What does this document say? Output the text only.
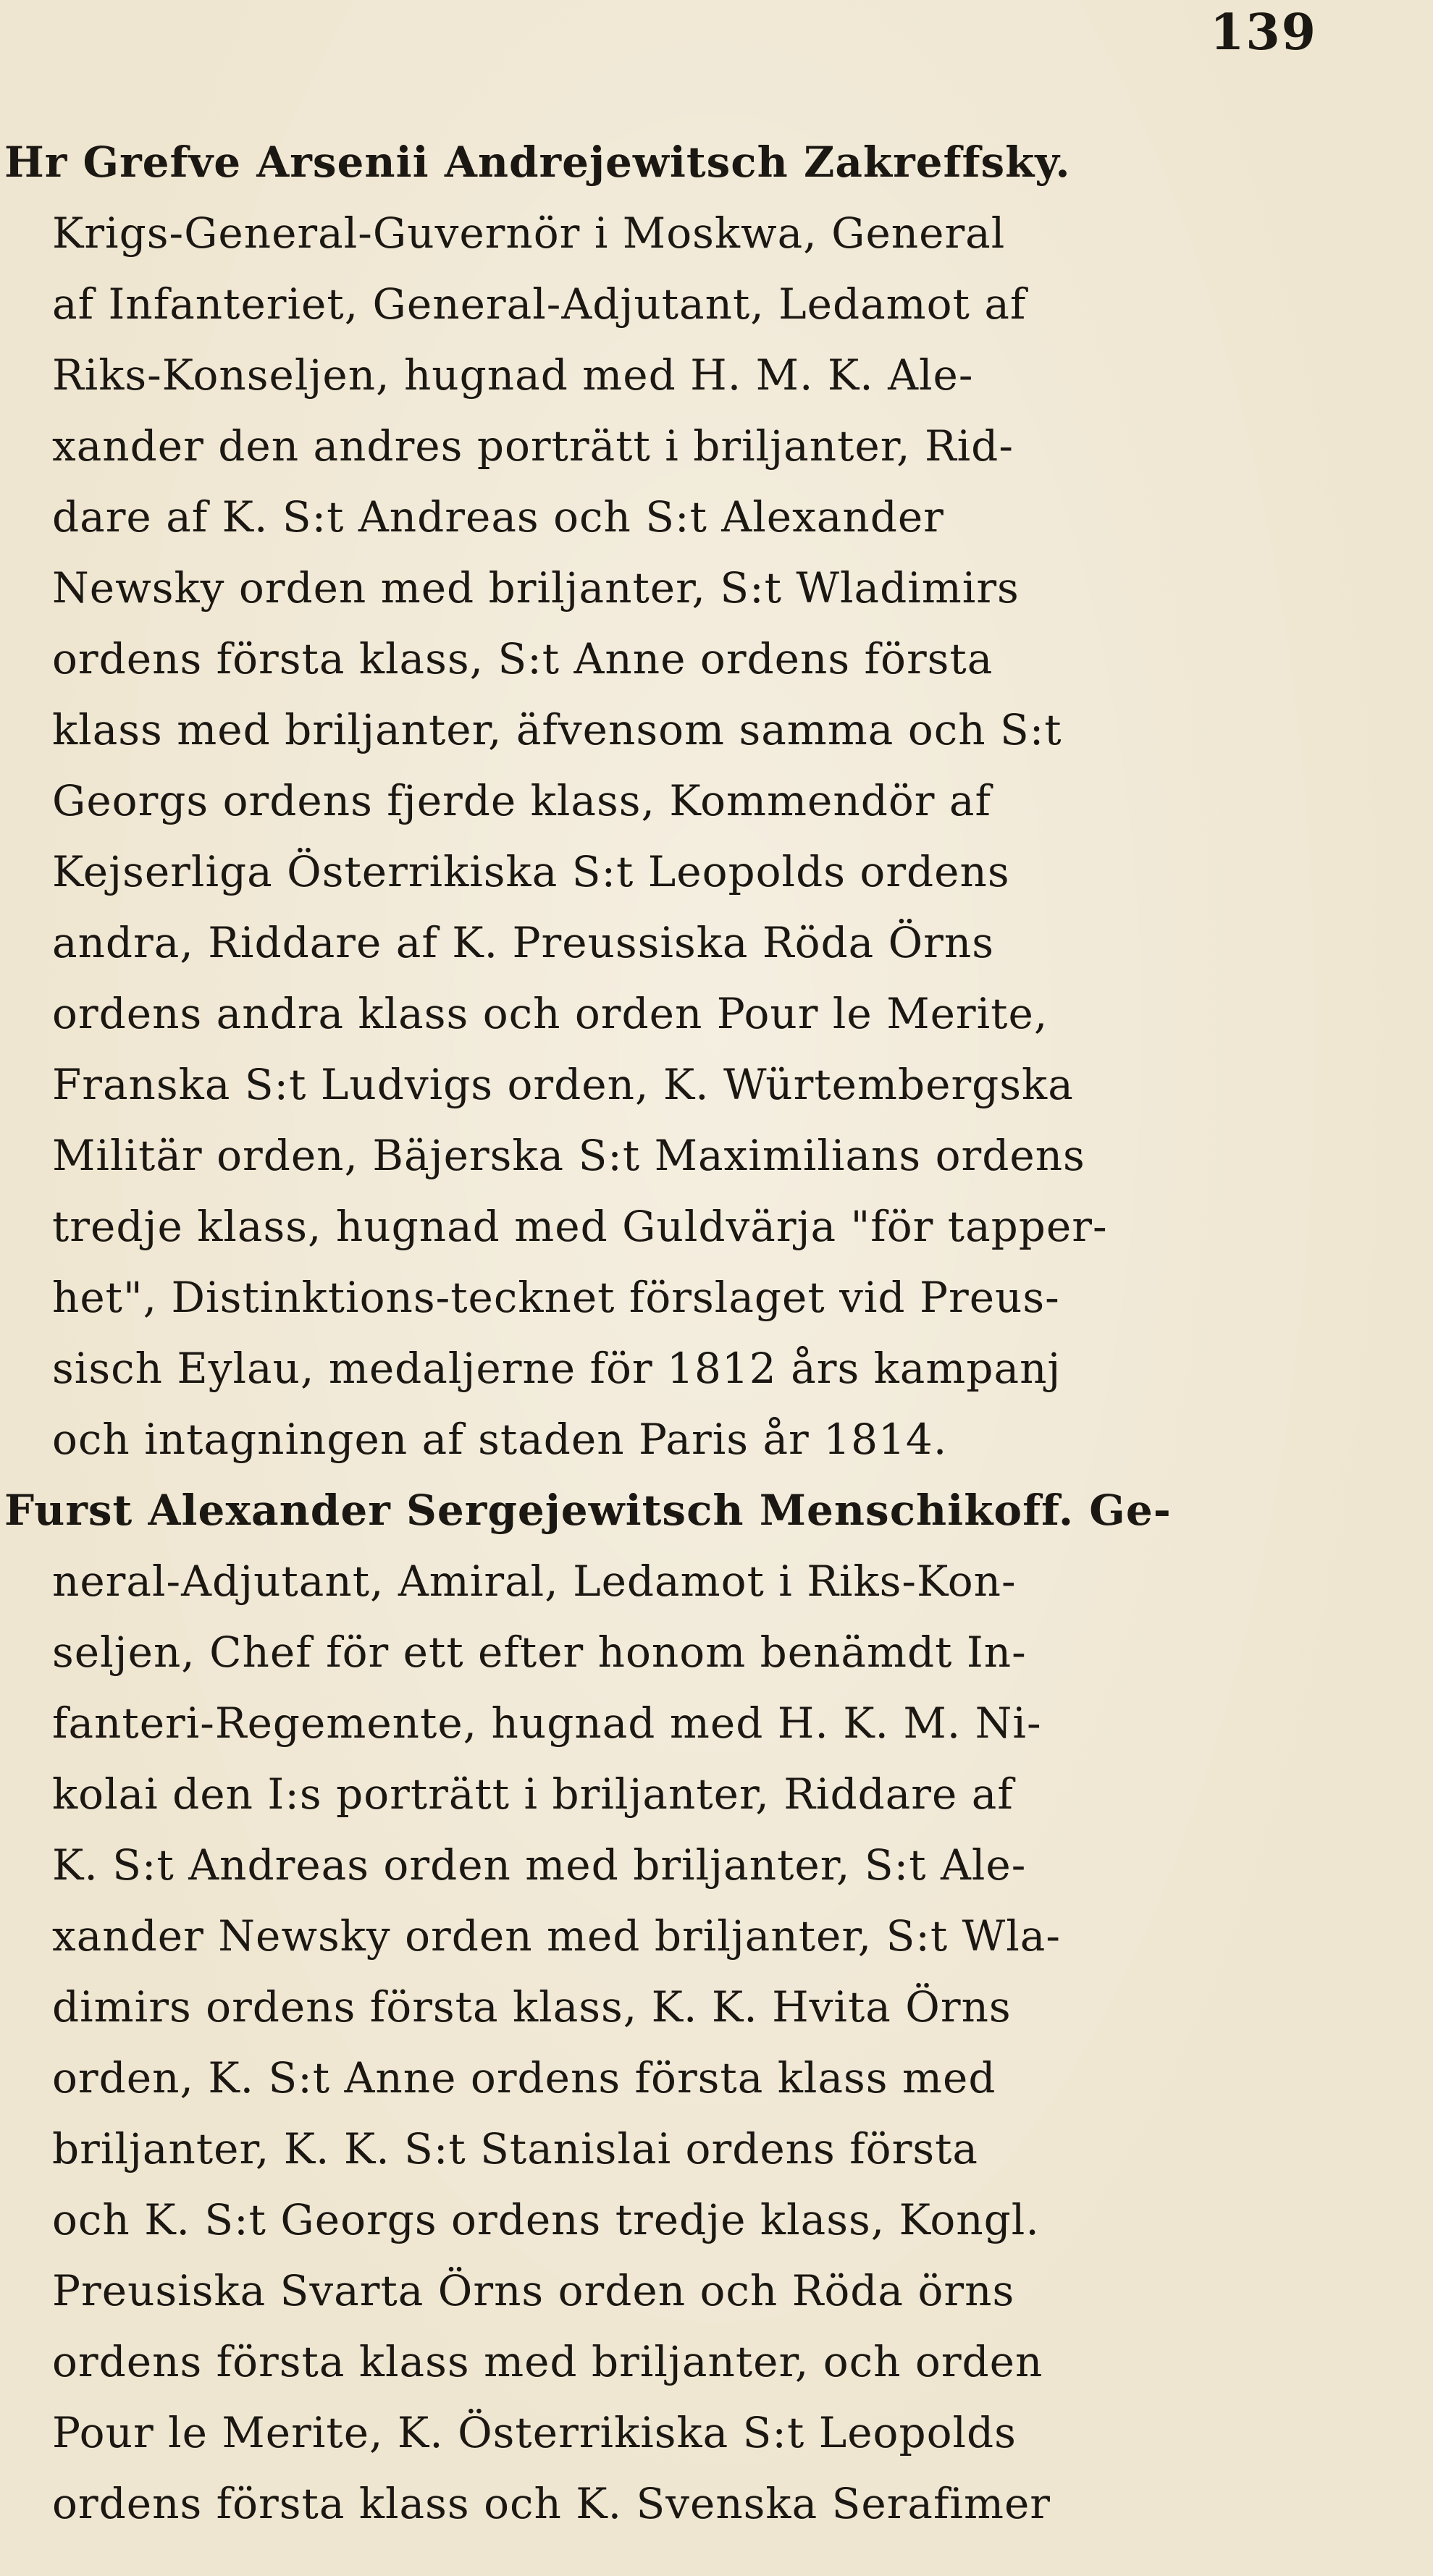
139
Hr Grefve Arsenii Andrejewitsch Zakreffsky.
Krigs-General-Guvernör i Moskwa, General
af Infanteriet, General-Adjutant, Ledamot af
Riks-Konseljen, hugnad med H. M. K. Ale-
xander den andres porträtt i briljanter, Rid-
dare af K. S:t Andreas och S:t Alexander
Newsky orden med briljanter, S:t Wladimirs
ordens första klass, S:t Anne ordens första
klass med briljanter, äfvensom samma och S:t
Georgs ordens fjerde klass, Kommendör af
Kejserliga Österrikiska S:t Leopolds ordens
andra, Riddare af K. Preussiska Röda Örns
ordens andra klass och orden Pour le Merite,
Franska S:t Ludvigs orden, K. Würtembergska
Militär orden, Bäjerska S:t Maximilians ordens
tredje klass, hugnad med Guldvärja "för tapper-
het", Distinktions-tecknet förslaget vid Preus-
sisch Eylau, medaljerne för 1812 års kampanj
och intagningen af staden Paris år 1814.
Furst Alexander Sergejewitsch Menschikoff. Ge-
neral-Adjutant, Amiral, Ledamot i Riks-Kon-
seljen, Chef för ett efter honom benämdt In-
fanteri-Regemente, hugnad med H. K. M. Ni-
kolai den I:s porträtt i briljanter, Riddare af
K. S:t Andreas orden med briljanter, S:t Ale-
xander Newsky orden med briljanter, S:t Wla-
dimirs ordens första klass, K. K. Hvita Örns
orden, K. S:t Anne ordens första klass med
briljanter, K. K. S:t Stanislai ordens första
och K. S:t Georgs ordens tredje klass, Kongl.
Preusiska Svarta Örns orden och Röda örns
ordens första klass med briljanter, och orden
Pour le Merite, K. Österrikiska S:t Leopolds
ordens första klass och K. Svenska Serafimer
